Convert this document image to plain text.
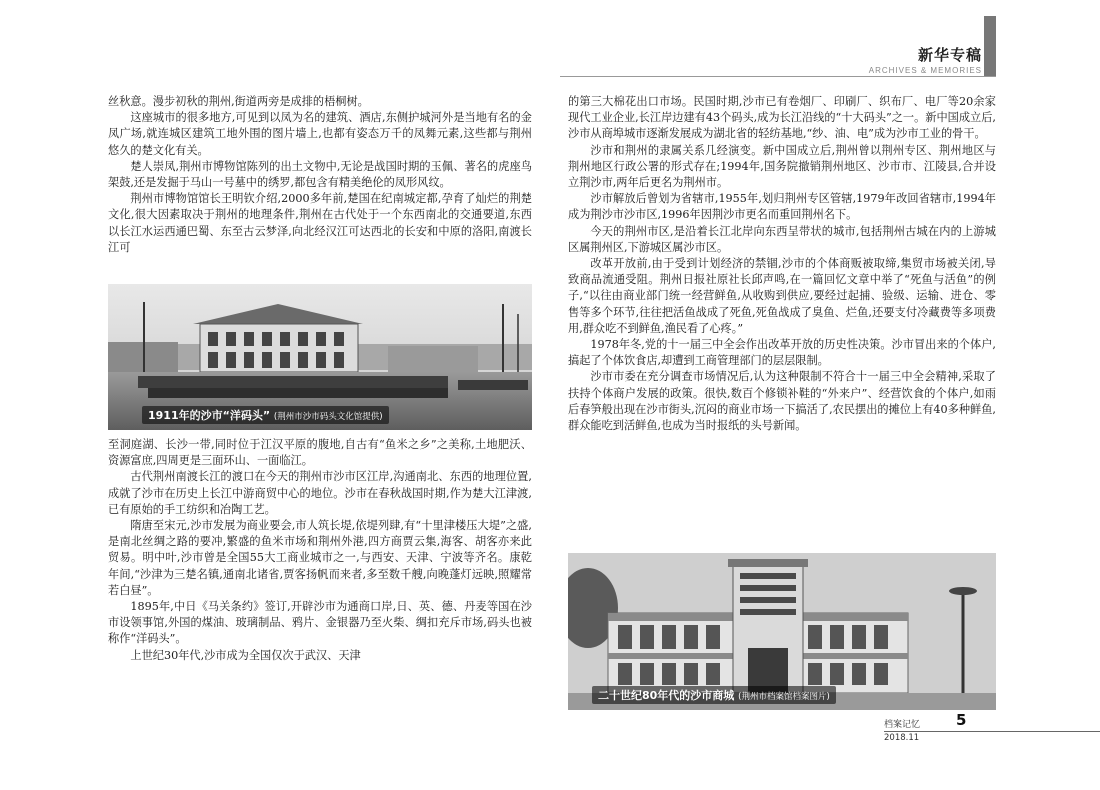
新华专稿
ARCHIVES & MEMORIES

丝秋意。漫步初秋的荆州,街道两旁是成排的梧桐树。

这座城市的很多地方,可见到以凤为名的建筑、酒店,东侧护城河外是当地有名的金凤广场,就连城区建筑工地外围的图片墙上,也都有姿态万千的凤舞元素,这些都与荆州悠久的楚文化有关。

楚人崇凤,荆州市博物馆陈列的出土文物中,无论是战国时期的玉佩、著名的虎座鸟架鼓,还是发掘于马山一号墓中的绣罗,都包含有精美绝伦的凤形风纹。

荆州市博物馆馆长王明钦介绍,2000多年前,楚国在纪南城定都,孕育了灿烂的荆楚文化,很大因素取决于荆州的地理条件,荆州在古代处于一个东西南北的交通要道,东西以长江水运西通巴蜀、东至古云梦泽,向北经汉江可达西北的长安和中原的洛阳,南渡长江可

1911年的沙市“洋码头” (荆州市沙市码头文化馆提供)

至洞庭湖、长沙一带,同时位于江汉平原的腹地,自古有“鱼米之乡”之美称,土地肥沃、资源富庶,四周更是三面环山、一面临江。

古代荆州南渡长江的渡口在今天的荆州市沙市区江岸,沟通南北、东西的地理位置,成就了沙市在历史上长江中游商贸中心的地位。沙市在春秋战国时期,作为楚大江津渡,已有原始的手工纺织和冶陶工艺。

隋唐至宋元,沙市发展为商业要会,市人筑长堤,依堤列肆,有“十里津楼压大堤”之盛,是南北丝绸之路的要冲,繁盛的鱼米市场和荆州外港,四方商贾云集,海客、胡客亦来此贸易。明中叶,沙市曾是全国55大工商业城市之一,与西安、天津、宁波等齐名。康乾年间,“沙津为三楚名镇,通南北诸省,贾客扬帆而来者,多至数千艘,向晚蓬灯远映,照耀常若白昼”。

1895年,中日《马关条约》签订,开辟沙市为通商口岸,日、英、德、丹麦等国在沙市设领事馆,外国的煤油、玻璃制品、鸦片、金银器乃至火柴、绸扣充斥市场,码头也被称作“洋码头”。

上世纪30年代,沙市成为全国仅次于武汉、天津

的第三大棉花出口市场。民国时期,沙市已有卷烟厂、印刷厂、织布厂、电厂等20余家现代工业企业,长江岸边建有43个码头,成为长江沿线的“十大码头”之一。新中国成立后,沙市从商埠城市逐渐发展成为湖北省的轻纺基地,“纱、油、电”成为沙市工业的骨干。

沙市和荆州的隶属关系几经演变。新中国成立后,荆州曾以荆州专区、荆州地区与荆州地区行政公署的形式存在;1994年,国务院撤销荆州地区、沙市市、江陵县,合并设立荆沙市,两年后更名为荆州市。

沙市解放后曾划为省辖市,1955年,划归荆州专区管辖,1979年改回省辖市,1994年成为荆沙市沙市区,1996年因荆沙市更名而重回荆州名下。

今天的荆州市区,是沿着长江北岸向东西呈带状的城市,包括荆州古城在内的上游城区属荆州区,下游城区属沙市区。

改革开放前,由于受到计划经济的禁锢,沙市的个体商贩被取缔,集贸市场被关闭,导致商品流通受阻。荆州日报社原社长邱声鸣,在一篇回忆文章中举了“死鱼与活鱼”的例子,“以往由商业部门统一经营鲜鱼,从收购到供应,要经过起捕、验级、运输、进仓、零售等多个环节,往往把活鱼战成了死鱼,死鱼战成了臭鱼、烂鱼,还要支付冷藏费等多项费用,群众吃不到鲜鱼,渔民看了心疼。”

1978年冬,党的十一届三中全会作出改革开放的历史性决策。沙市冒出来的个体户,搞起了个体饮食店,却遭到工商管理部门的层层限制。

沙市市委在充分调查市场情况后,认为这种限制不符合十一届三中全会精神,采取了扶持个体商户发展的政策。很快,数百个修锁补鞋的“外来户”、经营饮食的个体户,如雨后春笋般出现在沙市街头,沉闷的商业市场一下搞活了,农民摆出的摊位上有40多种鲜鱼,群众能吃到活鲜鱼,也成为当时报纸的头号新闻。

二十世纪80年代的沙市商城 (荆州市档案馆档案图片)
档案记忆 5
2018.11
